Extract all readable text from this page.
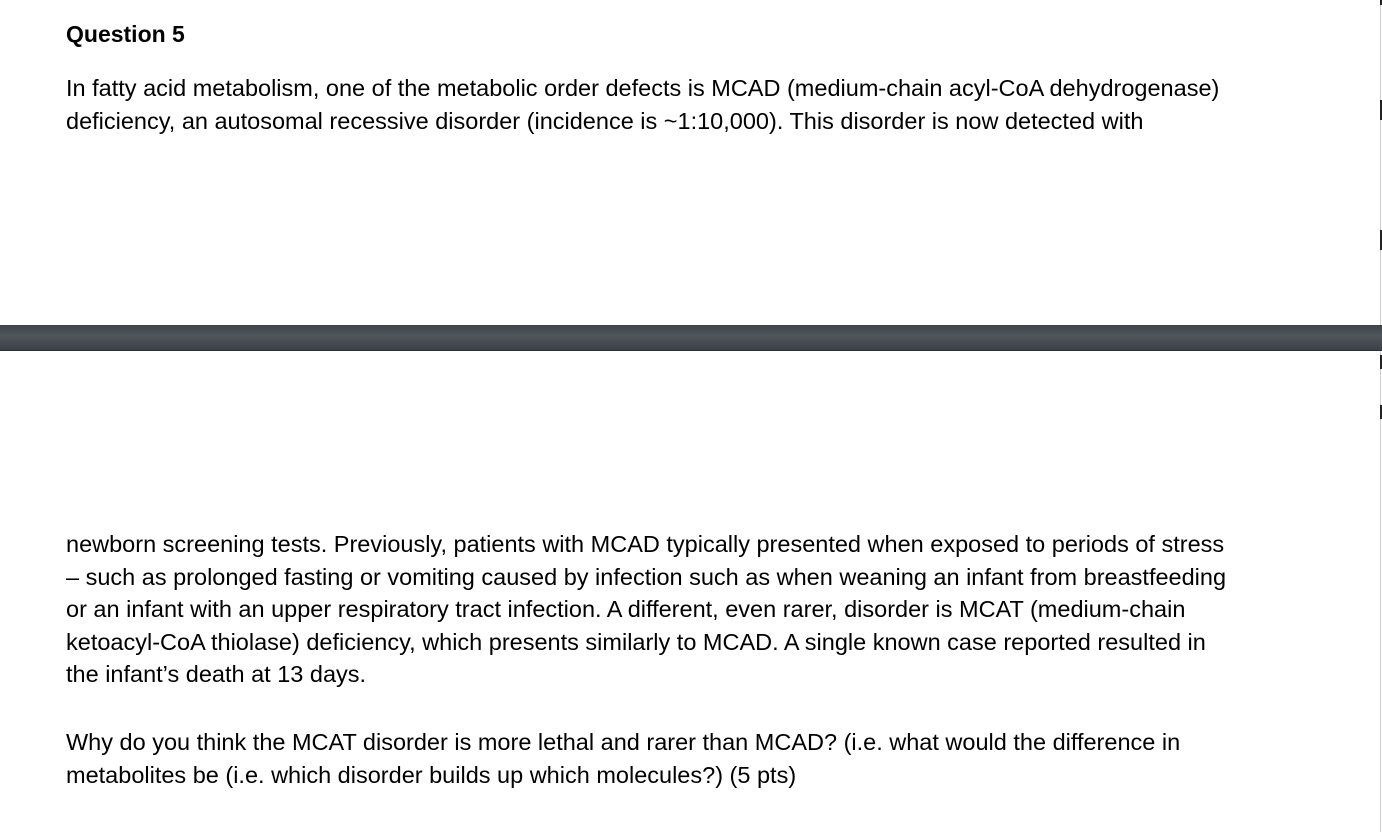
Question 5

In fatty acid metabolism, one of the metabolic order defects is MCAD (medium-chain acyl-CoA dehydrogenase)
deficiency, an autosomal recessive disorder (incidence is ~1:10,000). This disorder is now detected with

newborn screening tests. Previously, patients with MCAD typically presented when exposed to periods of stress
– such as prolonged fasting or vomiting caused by infection such as when weaning an infant from breastfeeding
or an infant with an upper respiratory tract infection. A different, even rarer, disorder is MCAT (medium-chain
ketoacyl-CoA thiolase) deficiency, which presents similarly to MCAD. A single known case reported resulted in
the infant’s death at 13 days.

Why do you think the MCAT disorder is more lethal and rarer than MCAD? (i.e. what would the difference in
metabolites be (i.e. which disorder builds up which molecules?) (5 pts)
